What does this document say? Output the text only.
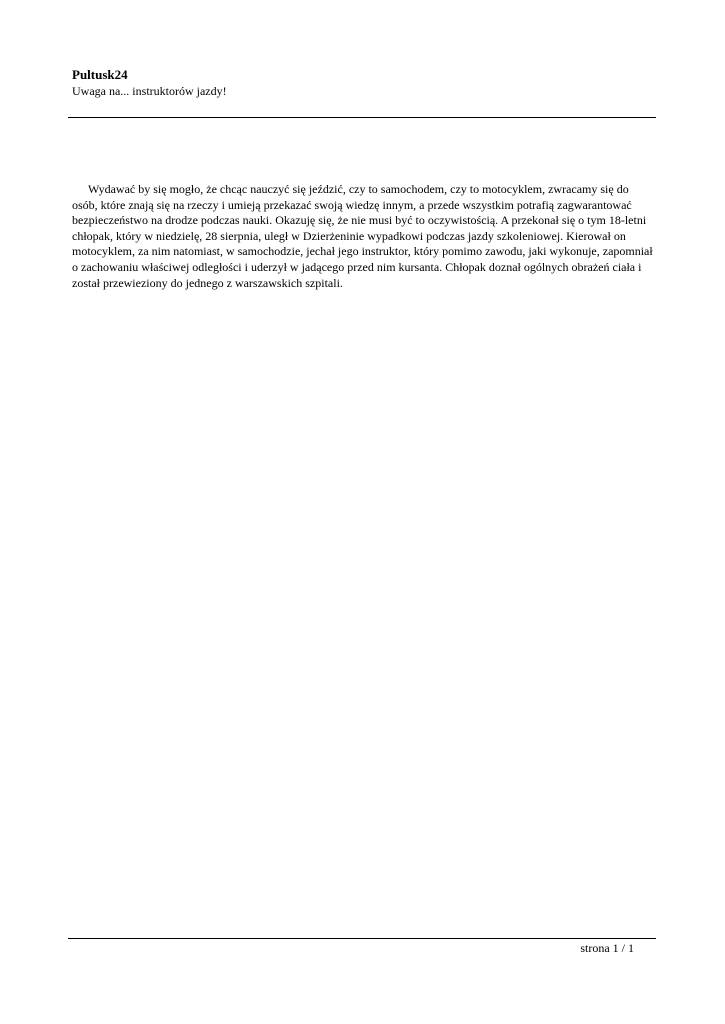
Pultusk24
Uwaga na... instruktorów jazdy!

Wydawać by się mogło, że chcąc nauczyć się jeździć, czy to samochodem, czy to motocyklem, zwracamy się do osób, które znają się na rzeczy i umieją przekazać swoją wiedzę innym, a przede wszystkim potrafią zagwarantować bezpieczeństwo na drodze podczas nauki. Okazuję się, że nie musi być to oczywistością. A przekonał się o tym 18-letni chłopak, który w niedzielę, 28 sierpnia, uległ w Dzierżeninie wypadkowi podczas jazdy szkoleniowej. Kierował on motocyklem, za nim natomiast, w samochodzie, jechał jego instruktor, który pomimo zawodu, jaki wykonuje, zapomniał o zachowaniu właściwej odległości i uderzył w jadącego przed nim kursanta. Chłopak doznał ogólnych obrażeń ciała i został przewieziony do jednego z warszawskich szpitali.

strona 1 / 1
